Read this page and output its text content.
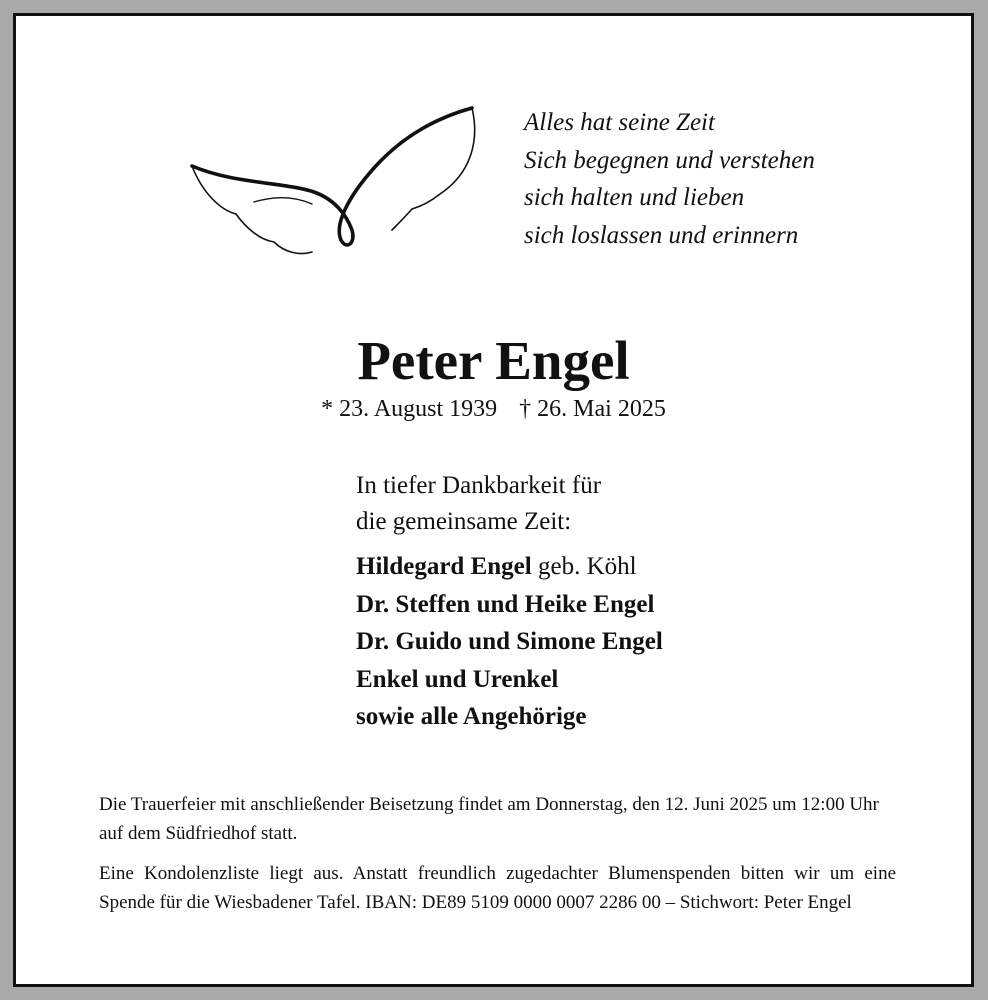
Alles hat seine Zeit
Sich begegnen und verstehen
sich halten und lieben
sich loslassen und erinnern
Peter Engel
* 23. August 1939 † 26. Mai 2025
In tiefer Dankbarkeit für
die gemeinsame Zeit:
Hildegard Engel geb. Köhl
Dr. Steffen und Heike Engel
Dr. Guido und Simone Engel
Enkel und Urenkel
sowie alle Angehörige
Die Trauerfeier mit anschließender Beisetzung findet am Donnerstag, den 12. Juni 2025 um 12:00 Uhr auf dem Südfriedhof statt.
Eine Kondolenzliste liegt aus. Anstatt freundlich zugedachter Blumenspenden bitten wir um eine Spende für die Wiesbadener Tafel. IBAN: DE89 5109 0000 0007 2286 00 – Stichwort: Peter Engel
